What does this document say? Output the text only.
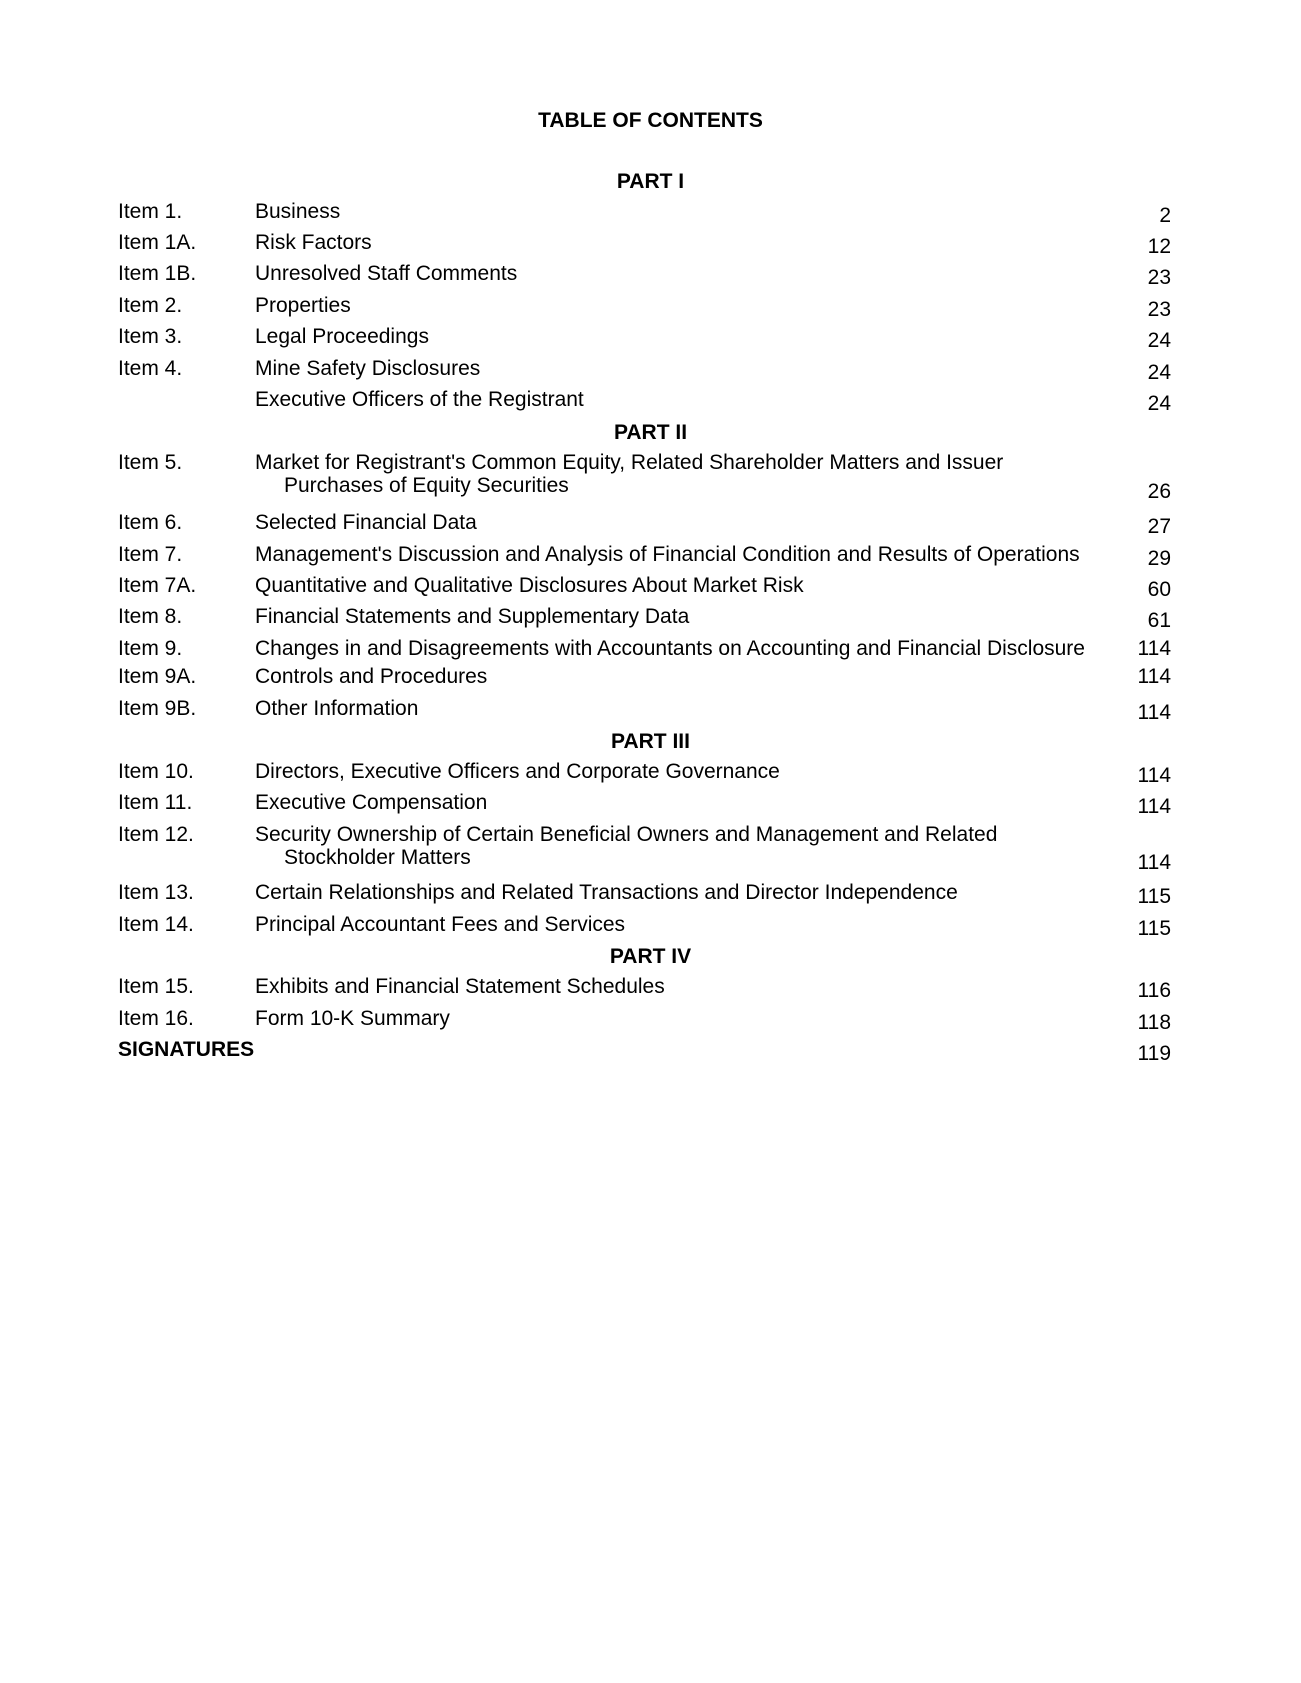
TABLE OF CONTENTS
PART I
Item 1.	Business	2
Item 1A.	Risk Factors	12
Item 1B.	Unresolved Staff Comments	23
Item 2.	Properties	23
Item 3.	Legal Proceedings	24
Item 4.	Mine Safety Disclosures	24
Executive Officers of the Registrant	24
PART II
Item 5.	Market for Registrant's Common Equity, Related Shareholder Matters and Issuer
Purchases of Equity Securities	26
Item 6.	Selected Financial Data	27
Item 7.	Management's Discussion and Analysis of Financial Condition and Results of Operations	29
Item 7A.	Quantitative and Qualitative Disclosures About Market Risk	60
Item 8.	Financial Statements and Supplementary Data	61
Item 9.	Changes in and Disagreements with Accountants on Accounting and Financial Disclosure	114
Item 9A.	Controls and Procedures	114
Item 9B.	Other Information	114
PART III
Item 10.	Directors, Executive Officers and Corporate Governance	114
Item 11.	Executive Compensation	114
Item 12.	Security Ownership of Certain Beneficial Owners and Management and Related
Stockholder Matters	114
Item 13.	Certain Relationships and Related Transactions and Director Independence	115
Item 14.	Principal Accountant Fees and Services	115
PART IV
Item 15.	Exhibits and Financial Statement Schedules	116
Item 16.	Form 10-K Summary	118
SIGNATURES	119
